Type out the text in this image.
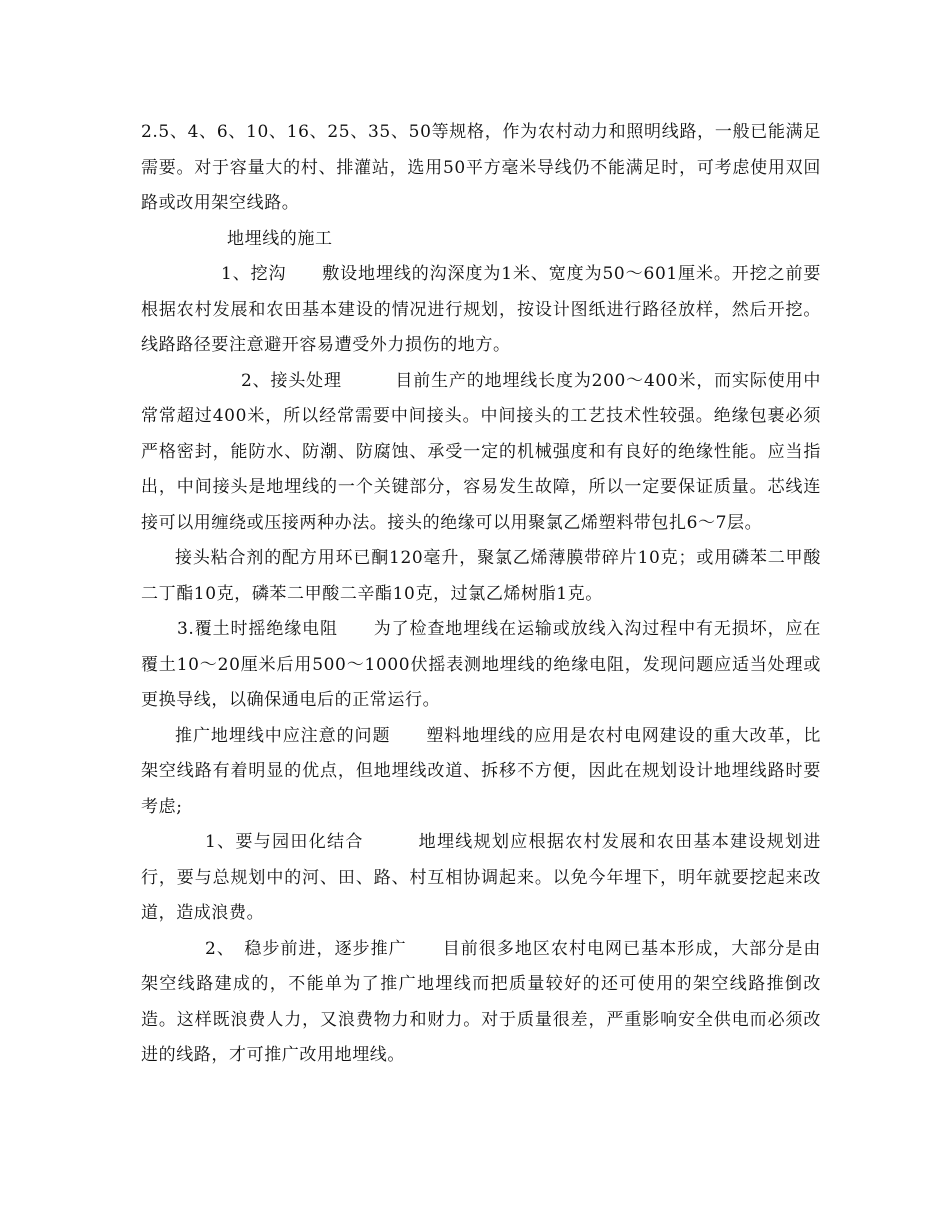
2.5、4、6、10、16、25、35、50等规格，作为农村动力和照明线路，一般已能满足需要。对于容量大的村、排灌站，选用50平方毫米导线仍不能满足时，可考虑使用双回路或改用架空线路。

地埋线的施工

1、挖沟　　敷设地埋线的沟深度为1米、宽度为50～601厘米。开挖之前要根据农村发展和农田基本建设的情况进行规划，按设计图纸进行路径放样，然后开挖。线路路径要注意避开容易遭受外力损伤的地方。

2、接头处理　　　目前生产的地埋线长度为200～400米，而实际使用中常常超过400米，所以经常需要中间接头。中间接头的工艺技术性较强。绝缘包裹必须严格密封，能防水、防潮、防腐蚀、承受一定的机械强度和有良好的绝缘性能。应当指出，中间接头是地埋线的一个关键部分，容易发生故障，所以一定要保证质量。芯线连接可以用缠绕或压接两种办法。接头的绝缘可以用聚氯乙烯塑料带包扎6～7层。

接头粘合剂的配方用环已酮120毫升，聚氯乙烯薄膜带碎片10克；或用磷苯二甲酸二丁酯10克，磷苯二甲酸二辛酯10克，过氯乙烯树脂1克。

3.覆土时摇绝缘电阻　　为了检查地埋线在运输或放线入沟过程中有无损坏，应在覆土10～20厘米后用500～1000伏摇表测地埋线的绝缘电阻，发现问题应适当处理或更换导线，以确保通电后的正常运行。

推广地埋线中应注意的问题　　塑料地埋线的应用是农村电网建设的重大改革，比架空线路有着明显的优点，但地埋线改道、拆移不方便，因此在规划设计地埋线路时要考虑;

1、要与园田化结合　　　地埋线规划应根据农村发展和农田基本建设规划进行，要与总规划中的河、田、路、村互相协调起来。以免今年埋下，明年就要挖起来改道，造成浪费。

2、　稳步前进，逐步推广　　目前很多地区农村电网已基本形成，大部分是由架空线路建成的，不能单为了推广地埋线而把质量较好的还可使用的架空线路推倒改造。这样既浪费人力，又浪费物力和财力。对于质量很差，严重影响安全供电而必须改进的线路，才可推广改用地埋线。
